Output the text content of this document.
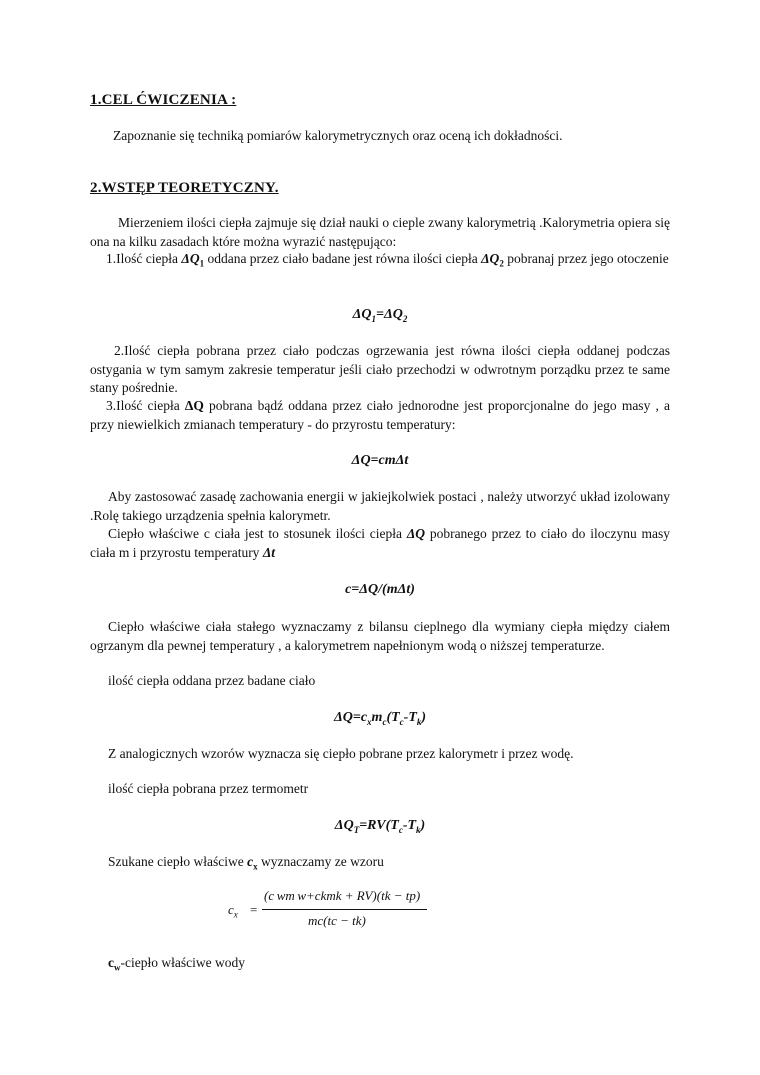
1.CEL ĆWICZENIA :
Zapoznanie się techniką pomiarów kalorymetrycznych oraz oceną ich dokładności.
2.WSTĘP TEORETYCZNY.
Mierzeniem ilości ciepła zajmuje się dział nauki o cieple zwany kalorymetrią .Kalorymetria opiera się ona na kilku zasadach które można wyrazić następująco:
1.Ilość ciepła $\Delta Q_1$ oddana przez ciało badane jest równa ilości ciepła $\Delta Q_2$ pobranaj przez jego otoczenie
$\Delta Q_1=\Delta Q_2$
2.Ilość ciepła pobrana przez ciało podczas ogrzewania jest równa ilości ciepła oddanej podczas ostygania w tym samym zakresie temperatur jeśli ciało przechodzi w odwrotnym porządku przez te same stany pośrednie.
3.Ilość ciepła ΔQ pobrana bądź oddana przez ciało jednorodne jest proporcjonalne do jego masy , a przy niewielkich zmianach temperatury - do przyrostu temperatury:
ΔQ=cmΔt
Aby zastosować zasadę zachowania energii w jakiejkolwiek postaci , należy utworzyć układ izolowany .Rolę takiego urządzenia spełnia kalorymetr.
Ciepło właściwe c ciała jest to stosunek ilości ciepła ΔQ pobranego przez to ciało do iloczynu masy ciała m i przyrostu temperatury Δt
c=ΔQ/(mΔt)
Ciepło właściwe ciała stałego wyznaczamy z bilansu cieplnego dla wymiany ciepła między ciałem ogrzanym dla pewnej temperatury , a kalorymetrem napełnionym wodą o niższej temperaturze.
ilość ciepła oddana przez badane ciało
$\Delta Q=c_xm_c(T_c-T_k)$
Z analogicznych wzorów wyznacza się ciepło pobrane przez kalorymetr i przez wodę.
ilość ciepła pobrana przez termometr
$\Delta Q_T=RV(T_c-T_k)$
Szukane ciepło właściwe $c_x$ wyznaczamy ze wzoru
$c_x$ =
(c wm w+ckmk + RV)(tk − tp)
mc(tc − tk)
$c_w$-ciepło właściwe wody
